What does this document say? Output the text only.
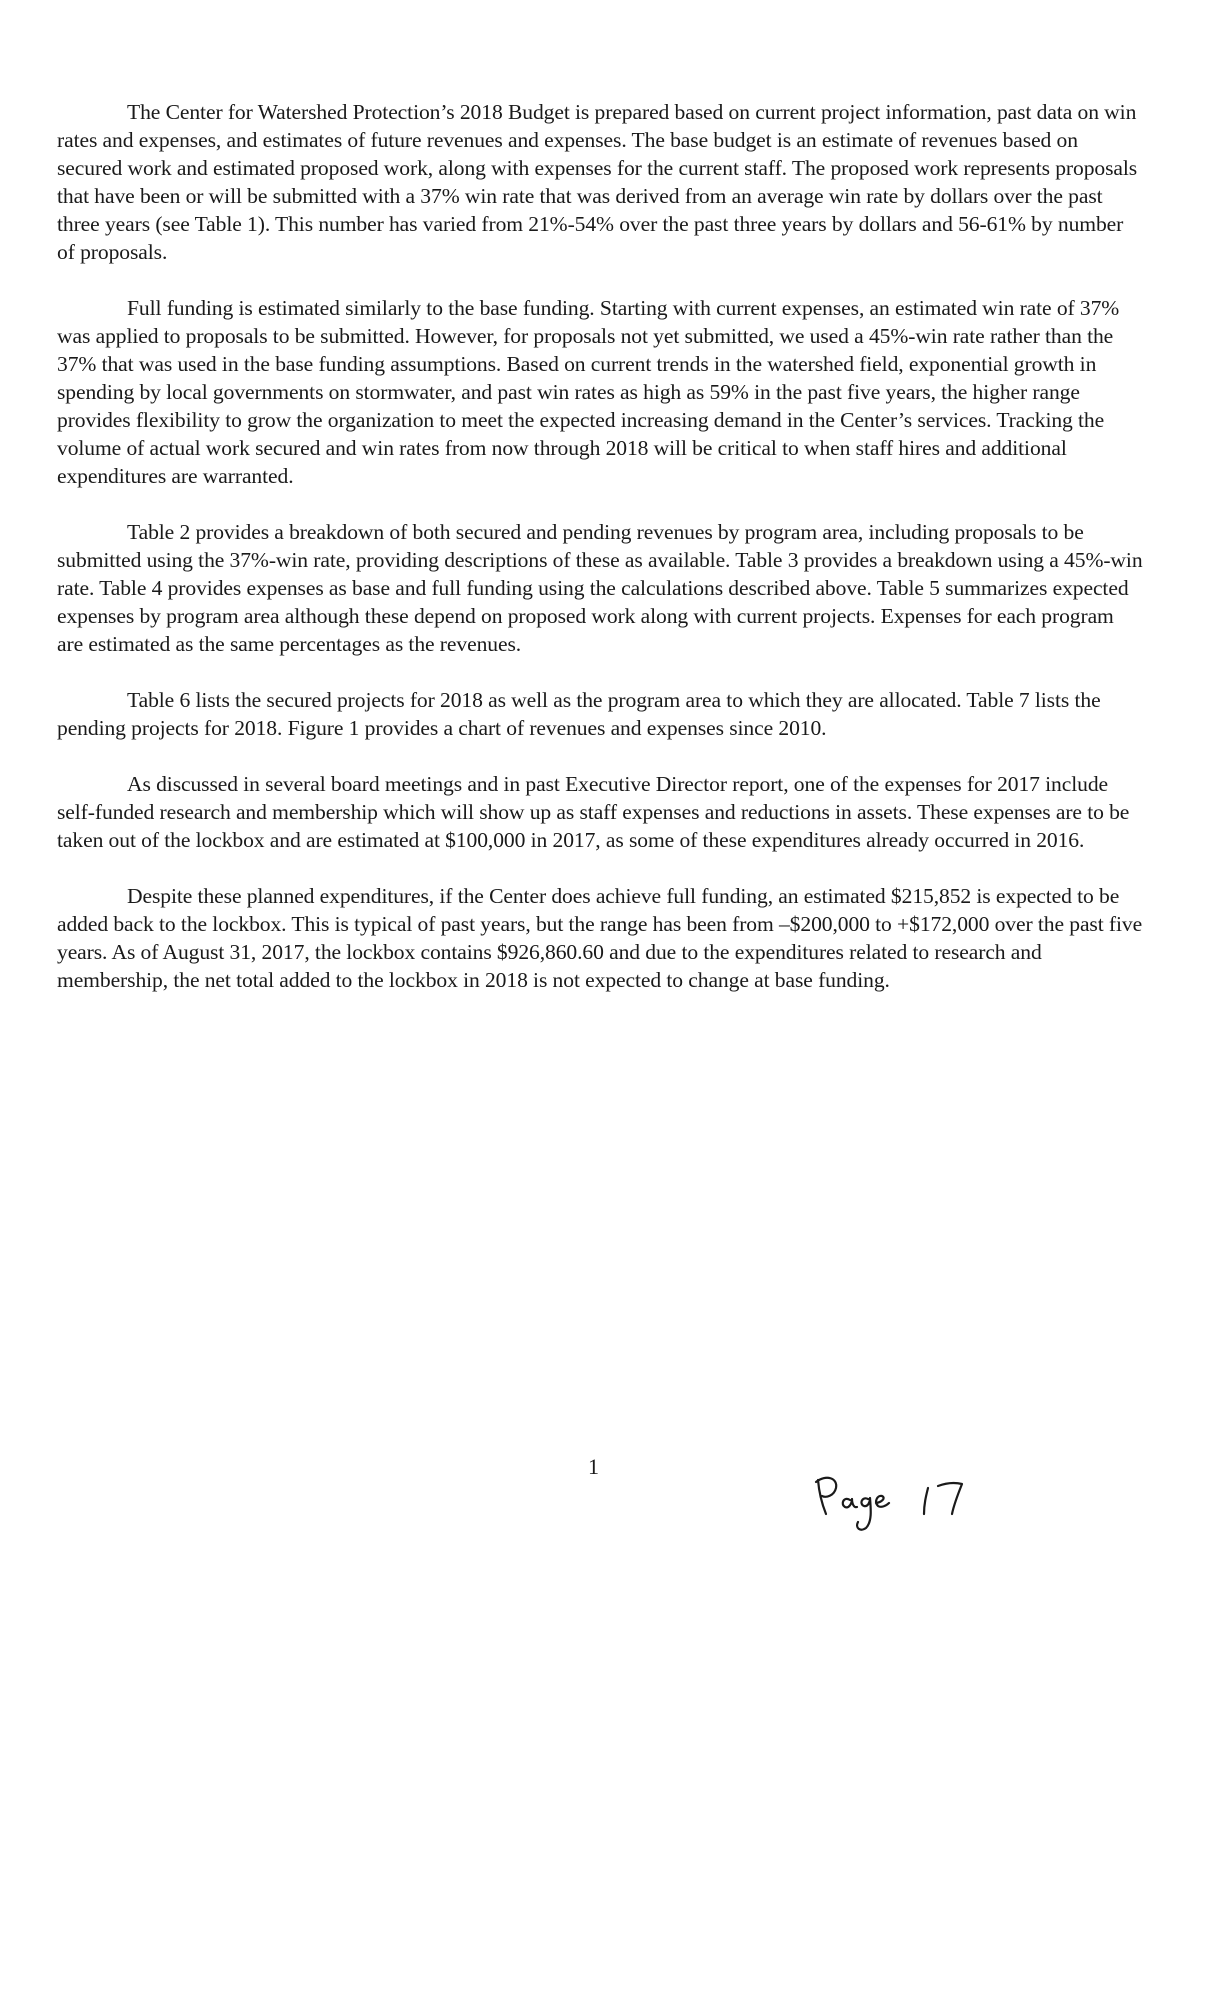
The Center for Watershed Protection’s 2018 Budget is prepared based on current project information, past data on win rates and expenses, and estimates of future revenues and expenses. The base budget is an estimate of revenues based on secured work and estimated proposed work, along with expenses for the current staff. The proposed work represents proposals that have been or will be submitted with a 37% win rate that was derived from an average win rate by dollars over the past three years (see Table 1). This number has varied from 21%-54% over the past three years by dollars and 56-61% by number of proposals.

Full funding is estimated similarly to the base funding. Starting with current expenses, an estimated win rate of 37% was applied to proposals to be submitted. However, for proposals not yet submitted, we used a 45%-win rate rather than the 37% that was used in the base funding assumptions. Based on current trends in the watershed field, exponential growth in spending by local governments on stormwater, and past win rates as high as 59% in the past five years, the higher range provides flexibility to grow the organization to meet the expected increasing demand in the Center’s services. Tracking the volume of actual work secured and win rates from now through 2018 will be critical to when staff hires and additional expenditures are warranted.

Table 2 provides a breakdown of both secured and pending revenues by program area, including proposals to be submitted using the 37%-win rate, providing descriptions of these as available. Table 3 provides a breakdown using a 45%-win rate. Table 4 provides expenses as base and full funding using the calculations described above. Table 5 summarizes expected expenses by program area although these depend on proposed work along with current projects. Expenses for each program are estimated as the same percentages as the revenues.

Table 6 lists the secured projects for 2018 as well as the program area to which they are allocated. Table 7 lists the pending projects for 2018. Figure 1 provides a chart of revenues and expenses since 2010.

As discussed in several board meetings and in past Executive Director report, one of the expenses for 2017 include self-funded research and membership which will show up as staff expenses and reductions in assets. These expenses are to be taken out of the lockbox and are estimated at $100,000 in 2017, as some of these expenditures already occurred in 2016.

Despite these planned expenditures, if the Center does achieve full funding, an estimated $215,852 is expected to be added back to the lockbox. This is typical of past years, but the range has been from –$200,000 to +$172,000 over the past five years. As of August 31, 2017, the lockbox contains $926,860.60 and due to the expenditures related to research and membership, the net total added to the lockbox in 2018 is not expected to change at base funding.

1
